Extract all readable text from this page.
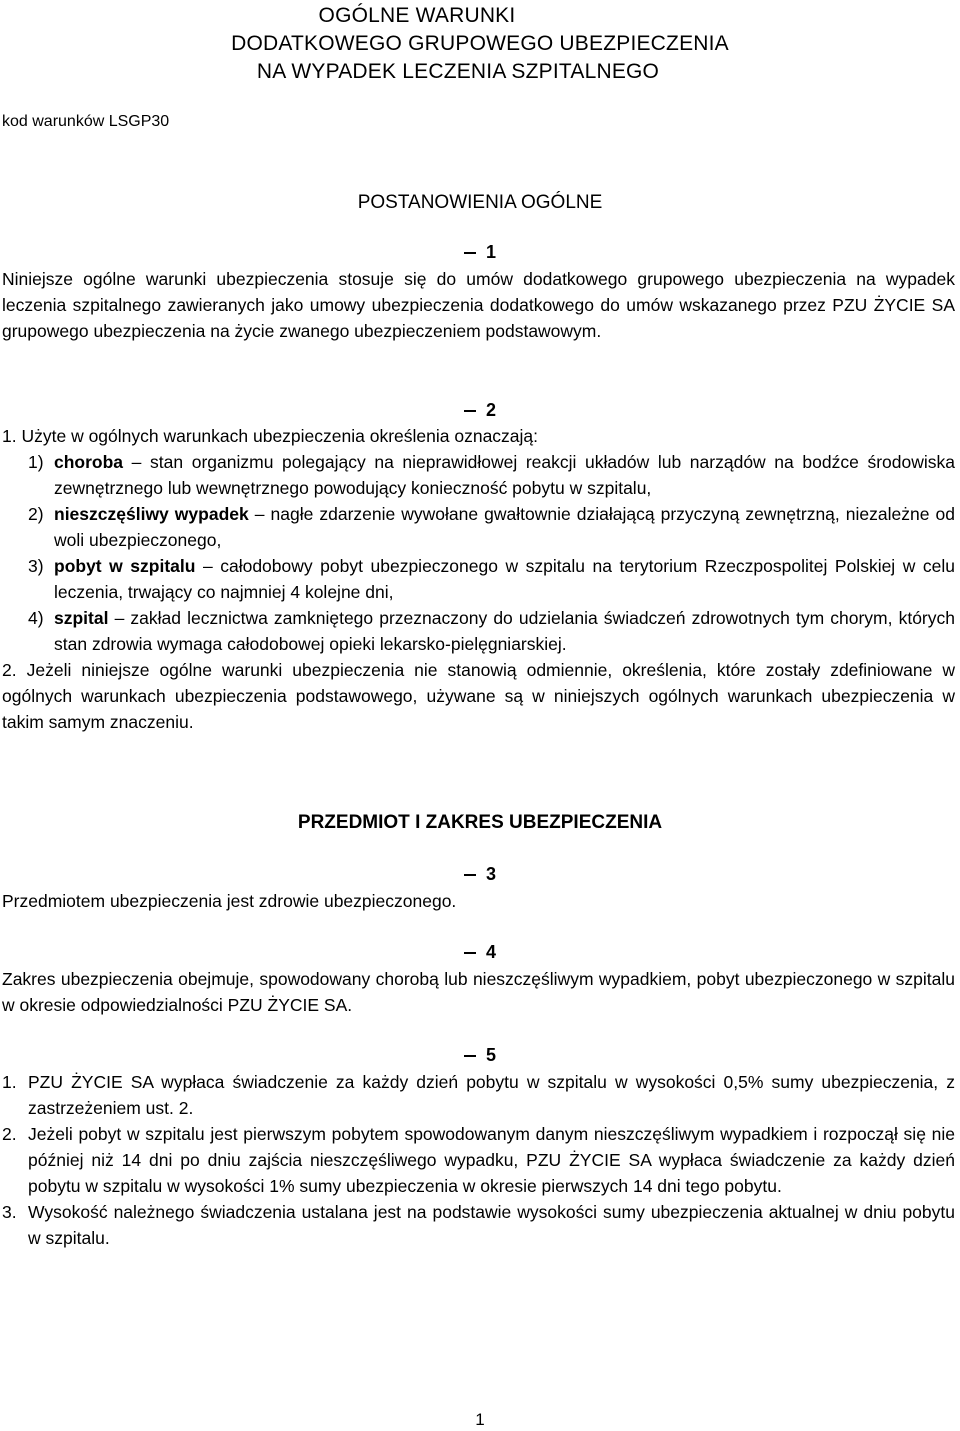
OGÓLNE WARUNKI
DODATKOWEGO GRUPOWEGO UBEZPIECZENIA
NA WYPADEK LECZENIA SZPITALNEGO
kod warunków LSGP30
POSTANOWIENIA OGÓLNE
1

Niniejsze ogólne warunki ubezpieczenia stosuje się do umów dodatkowego grupowego ubezpieczenia na wypadek leczenia szpitalnego zawieranych jako umowy ubezpieczenia dodatkowego do umów wskazanego przez PZU ŻYCIE SA grupowego ubezpieczenia na życie zwanego ubezpieczeniem podstawowym.

2

1. Użyte w ogólnych warunkach ubezpieczenia określenia oznaczają:

1) choroba – stan organizmu polegający na nieprawidłowej reakcji układów lub narządów na bodźce środowiska zewnętrznego lub wewnętrznego powodujący konieczność pobytu w szpitalu,

2) nieszczęśliwy wypadek – nagłe zdarzenie wywołane gwałtownie działającą przyczyną zewnętrzną, niezależne od woli ubezpieczonego,

3) pobyt w szpitalu – całodobowy pobyt ubezpieczonego w szpitalu na terytorium Rzeczpospolitej Polskiej w celu leczenia, trwający co najmniej 4 kolejne dni,

4) szpital – zakład lecznictwa zamkniętego przeznaczony do udzielania świadczeń zdrowotnych tym chorym, których stan zdrowia wymaga całodobowej opieki lekarsko-pielęgniarskiej.

2. Jeżeli niniejsze ogólne warunki ubezpieczenia nie stanowią odmiennie, określenia, które zostały zdefiniowane w ogólnych warunkach ubezpieczenia podstawowego, używane są w niniejszych ogólnych warunkach ubezpieczenia w takim samym znaczeniu.

PRZEDMIOT I ZAKRES UBEZPIECZENIA
3

Przedmiotem ubezpieczenia jest zdrowie ubezpieczonego.

4

Zakres ubezpieczenia obejmuje, spowodowany chorobą lub nieszczęśliwym wypadkiem, pobyt ubezpieczonego w szpitalu w okresie odpowiedzialności PZU ŻYCIE SA.

5

1. PZU ŻYCIE SA wypłaca świadczenie za każdy dzień pobytu w szpitalu w wysokości 0,5% sumy ubezpieczenia, z zastrzeżeniem ust. 2.

2. Jeżeli pobyt w szpitalu jest pierwszym pobytem spowodowanym danym nieszczęśliwym wypadkiem i rozpoczął się nie później niż 14 dni po dniu zajścia nieszczęśliwego wypadku, PZU ŻYCIE SA wypłaca świadczenie za każdy dzień pobytu w szpitalu w wysokości 1% sumy ubezpieczenia w okresie pierwszych 14 dni tego pobytu.

3. Wysokość należnego świadczenia ustalana jest na podstawie wysokości sumy ubezpieczenia aktualnej w dniu pobytu w szpitalu.

1
